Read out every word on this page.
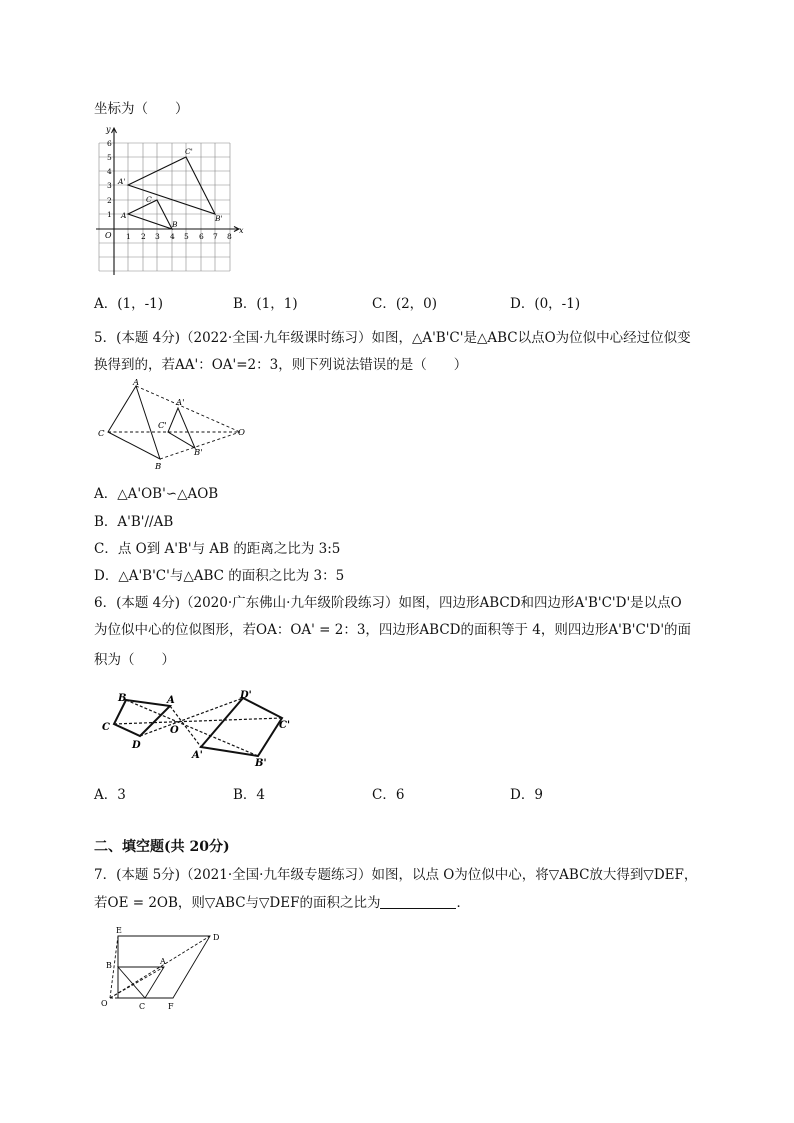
坐标为（　　）
y
x
O 1 2 3 4 5 6 7 8
1
2
3
4
5
6
A
B
C
A'
B'
C'
A．(1，-1)	B．(1，1)	C．(2，0)	D．(0，-1)
5．(本题 4分)（2022·全国·九年级课时练习）如图，△A'B'C'是△ABC以点O为位似中心经过位似变
换得到的，若AA'：OA'=2：3，则下列说法错误的是（　　）
A
C
B
A'
C'
B'
O
A．△A'OB'∽△AOB
B．A'B'//AB
C．点 O到 A'B'与 AB 的距离之比为 3:5
D．△A'B'C'与△ABC 的面积之比为 3：5
6．(本题 4分)（2020·广东佛山·九年级阶段练习）如图，四边形ABCD和四边形A'B'C'D'是以点O
为位似中心的位似图形，若OA：OA' = 2：3，四边形ABCD的面积等于 4，则四边形A'B'C'D'的面
积为（　　）
A
B
C
D
O
A'
B'
C'
D'
A．3	B．4	C．6	D．9
二、填空题(共 20分)
7．(本题 5分)（2021·全国·九年级专题练习）如图，以点 O为位似中心，将▽ABC放大得到▽DEF，
若OE = 2OB，则▽ABC与▽DEF的面积之比为	．
E
D
B	A
O	C	F
